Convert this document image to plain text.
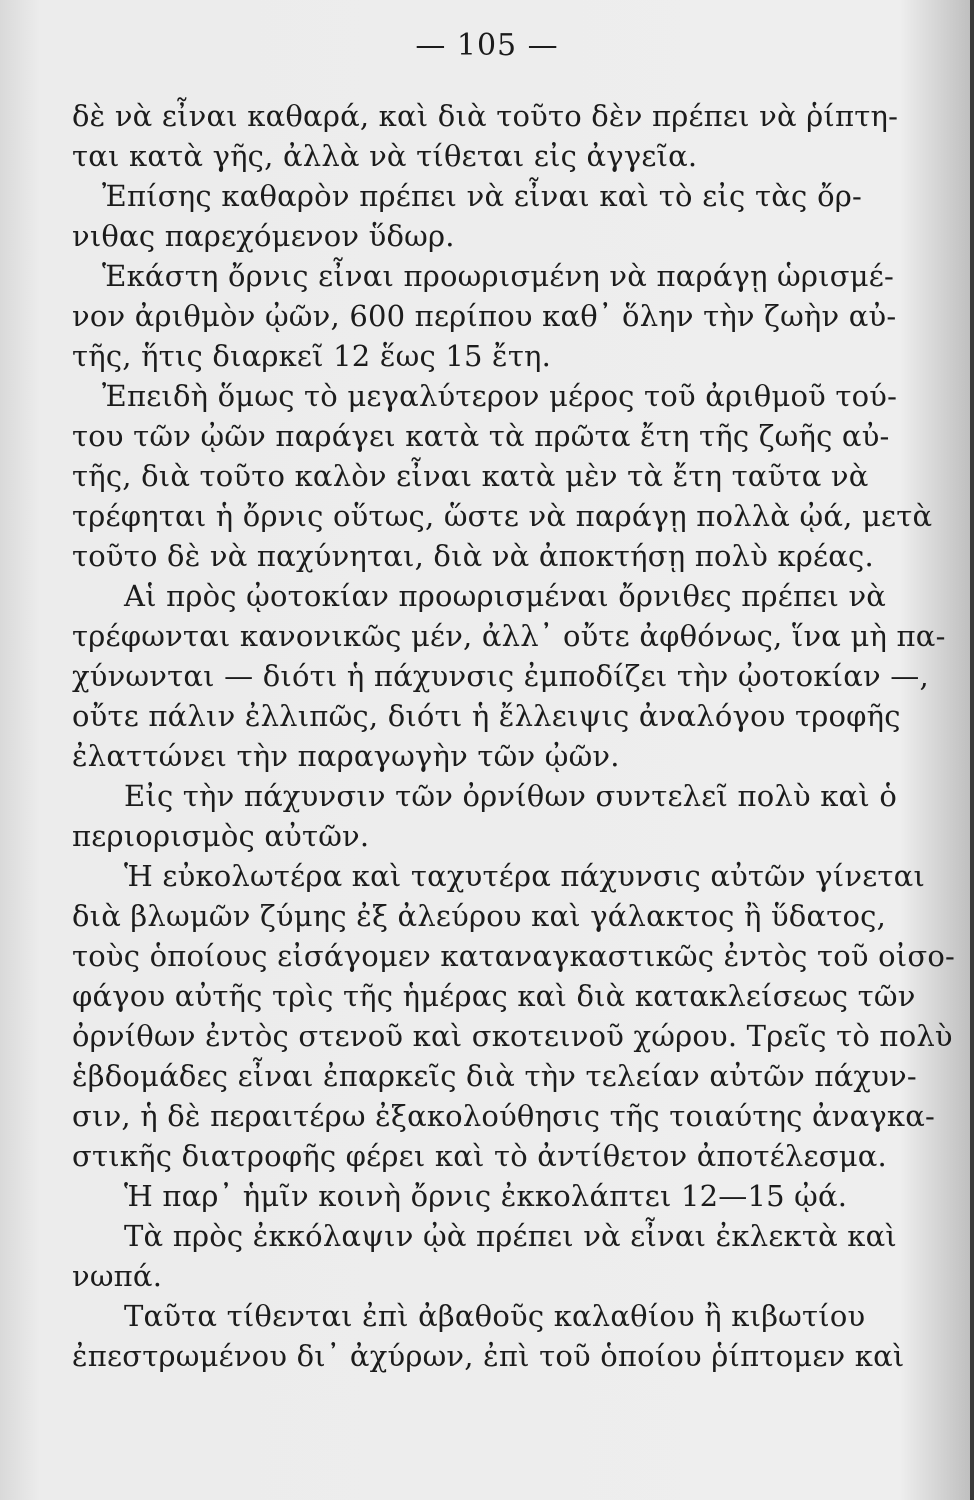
— 105 —
δὲ νὰ εἶναι καθαρά, καὶ διὰ τοῦτο δὲν πρέπει νὰ ῥίπτη-
ται κατὰ γῆς, ἀλλὰ νὰ τίθεται εἰς ἀγγεῖα.
Ἐπίσης καθαρὸν πρέπει νὰ εἶναι καὶ τὸ εἰς τὰς ὄρ-
νιθας παρεχόμενον ὕδωρ.
Ἑκάστη ὄρνις εἶναι προωρισμένη νὰ παράγῃ ὡρισμέ-
νον ἀριθμὸν ᾠῶν, 600 περίπου καθ᾽ ὅλην τὴν ζωὴν αὐ-
τῆς, ἥτις διαρκεῖ 12 ἕως 15 ἔτη.
Ἐπειδὴ ὅμως τὸ μεγαλύτερον μέρος τοῦ ἀριθμοῦ τού-
του τῶν ᾠῶν παράγει κατὰ τὰ πρῶτα ἔτη τῆς ζωῆς αὐ-
τῆς, διὰ τοῦτο καλὸν εἶναι κατὰ μὲν τὰ ἔτη ταῦτα νὰ
τρέφηται ἡ ὄρνις οὕτως, ὥστε νὰ παράγῃ πολλὰ ᾠά, μετὰ
τοῦτο δὲ νὰ παχύνηται, διὰ νὰ ἀποκτήσῃ πολὺ κρέας.
Αἱ πρὸς ᾠοτοκίαν προωρισμέναι ὄρνιθες πρέπει νὰ
τρέφωνται κανονικῶς μέν, ἀλλ᾽ οὔτε ἀφθόνως, ἵνα μὴ πα-
χύνωνται — διότι ἡ πάχυνσις ἐμποδίζει τὴν ᾠοτοκίαν —,
οὔτε πάλιν ἐλλιπῶς, διότι ἡ ἔλλειψις ἀναλόγου τροφῆς
ἐλαττώνει τὴν παραγωγὴν τῶν ᾠῶν.
Εἰς τὴν πάχυνσιν τῶν ὀρνίθων συντελεῖ πολὺ καὶ ὁ
περιορισμὸς αὐτῶν.
Ἡ εὐκολωτέρα καὶ ταχυτέρα πάχυνσις αὐτῶν γίνεται
διὰ βλωμῶν ζύμης ἐξ ἀλεύρου καὶ γάλακτος ἢ ὕδατος,
τοὺς ὁποίους εἰσάγομεν καταναγκαστικῶς ἐντὸς τοῦ οἰσο-
φάγου αὐτῆς τρὶς τῆς ἡμέρας καὶ διὰ κατακλείσεως τῶν
ὀρνίθων ἐντὸς στενοῦ καὶ σκοτεινοῦ χώρου. Τρεῖς τὸ πολὺ
ἑβδομάδες εἶναι ἐπαρκεῖς διὰ τὴν τελείαν αὐτῶν πάχυν-
σιν, ἡ δὲ περαιτέρω ἐξακολούθησις τῆς τοιαύτης ἀναγκα-
στικῆς διατροφῆς φέρει καὶ τὸ ἀντίθετον ἀποτέλεσμα.
Ἡ παρ᾽ ἡμῖν κοινὴ ὄρνις ἐκκολάπτει 12—15 ᾠά.
Τὰ πρὸς ἐκκόλαψιν ᾠὰ πρέπει νὰ εἶναι ἐκλεκτὰ καὶ
νωπά.
Ταῦτα τίθενται ἐπὶ ἀβαθοῦς καλαθίου ἢ κιβωτίου
ἐπεστρωμένου δι᾽ ἀχύρων, ἐπὶ τοῦ ὁποίου ῥίπτομεν καὶ
